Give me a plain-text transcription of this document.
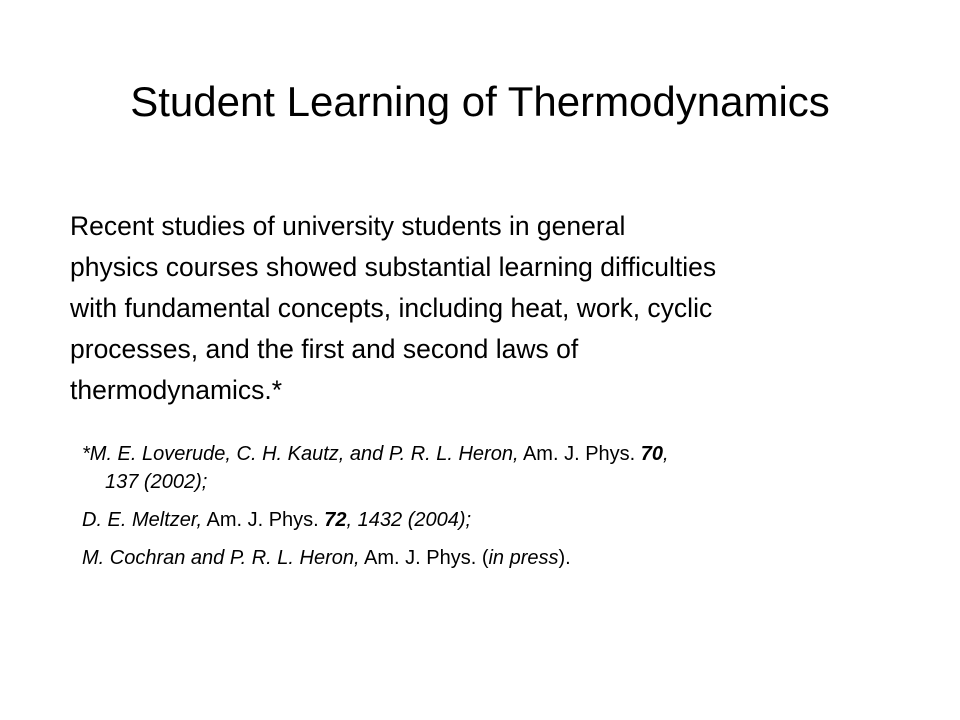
Student Learning of Thermodynamics
Recent studies of university students in general
physics courses showed substantial learning difficulties
with fundamental concepts, including heat, work, cyclic
processes, and the first and second laws of
thermodynamics.*
*M. E. Loverude, C. H. Kautz, and P. R. L. Heron, Am. J. Phys. 70,
137 (2002);
D. E. Meltzer, Am. J. Phys. 72, 1432 (2004);
M. Cochran and P. R. L. Heron, Am. J. Phys. (in press).
